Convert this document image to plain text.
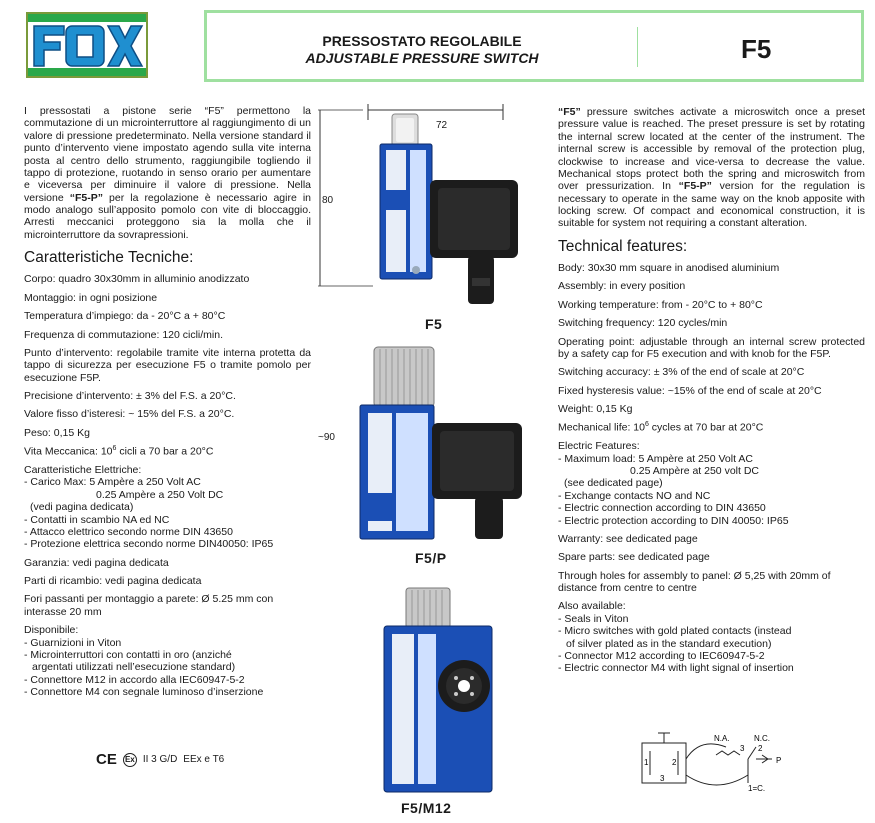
PRESSOSTATO REGOLABILE
ADJUSTABLE PRESSURE SWITCH	F5

I pressostati a pistone serie “F5” permettono la commutazione di un microinterruttore al raggiungimento di un valore di pressione predeterminato. Nella versione standard il punto d’intervento viene impostato agendo sulla vite interna posta al centro dello strumento, raggiungibile togliendo il tappo di protezione, ruotando in senso orario per aumentare e viceversa per diminuire il valore di pressione. Nella versione “F5-P” per la regolazione è necessario agire in modo analogo sull’apposito pomolo con vite di bloccaggio. Arresti meccanici proteggono sia la molla che il microinterruttore da sovrapressioni.

Caratteristiche Tecniche:

Corpo: quadro 30x30mm in alluminio anodizzato

Montaggio: in ogni posizione

Temperatura d’impiego: da - 20°C a + 80°C

Frequenza di commutazione: 120 cicli/min.

Punto d’intervento: regolabile tramite vite interna protetta da tappo di sicurezza per esecuzione F5 o tramite pomolo per esecuzione F5P.

Precisione d’intervento: ± 3% del F.S. a 20°C.

Valore fisso d’isteresi: ~ 15% del F.S. a 20°C.

Peso: 0,15 Kg

Vita Meccanica: $10^6$ cicli a 70 bar a 20°C

Caratteristiche Elettriche:

- Carico Max: 5 Ampère a 250 Volt AC

0.25 Ampère a 250 Volt DC

(vedi pagina dedicata)

- Contatti in scambio NA ed NC

- Attacco elettrico secondo norme DIN 43650

- Protezione elettrica secondo norme DIN40050: IP65

Garanzia: vedi pagina dedicata

Parti di ricambio: vedi pagina dedicata

Fori passanti per montaggio a parete: Ø 5.25 mm con interasse 20 mm

Disponibile:

- Guarnizioni in Viton

- Microinterruttori con contatti in oro (anziché

argentati utilizzati nell’esecuzione standard)

- Connettore M12 in accordo alla IEC60947-5-2

- Connettore M4 con segnale luminoso d’inserzione

CE Ex II 3 G/D EEx e T6
72
80
F5
~90
F5/P
F5/M12

“F5” pressure switches activate a microswitch once a preset pressure value is reached. The preset pressure is set by rotating the internal screw located at the center of the instrument. The internal screw is accessible by removal of the protection plug, clockwise to increase and vice-versa to decrease the value. Mechanical stops protect both the spring and microswitch from over pressurization. In “F5-P” version for the regulation is necessary to operate in the same way on the knob apposite with locking screw. Of compact and economical construction, it is suitable for system not requiring a constant alteration.

Technical features:

Body: 30x30 mm square in anodised aluminium

Assembly: in every position

Working temperature: from - 20°C to + 80°C

Switching frequency: 120 cycles/min

Operating point: adjustable through an internal screw protected by a safety cap for F5 execution and with knob for the F5P.

Switching accuracy: ± 3% of the end of scale at 20°C

Fixed hysteresis value: ~15% of the end of scale at 20°C

Weight: 0,15 Kg

Mechanical life: $10^6$ cycles at 70 bar at 20°C

Electric Features:

- Maximum load: 5 Ampère at 250 Volt AC

0.25 Ampère at 250 volt DC

(see dedicated page)

- Exchange contacts NO and NC

- Electric connection according to DIN 43650

- Electric protection according to DIN 40050: IP65

Warranty: see dedicated page

Spare parts: see dedicated page

Through holes for assembly to panel: Ø 5,25 with 20mm of distance from centre to centre

Also available:

- Seals in Viton

- Micro switches with gold plated contacts (instead

of silver plated as in the standard execution)

- Connector M12 according to IEC60947-5-2

- Electric connector M4 with light signal of insertion

1	2
3
N.A.	N.C.
3 2
P
1=C.
